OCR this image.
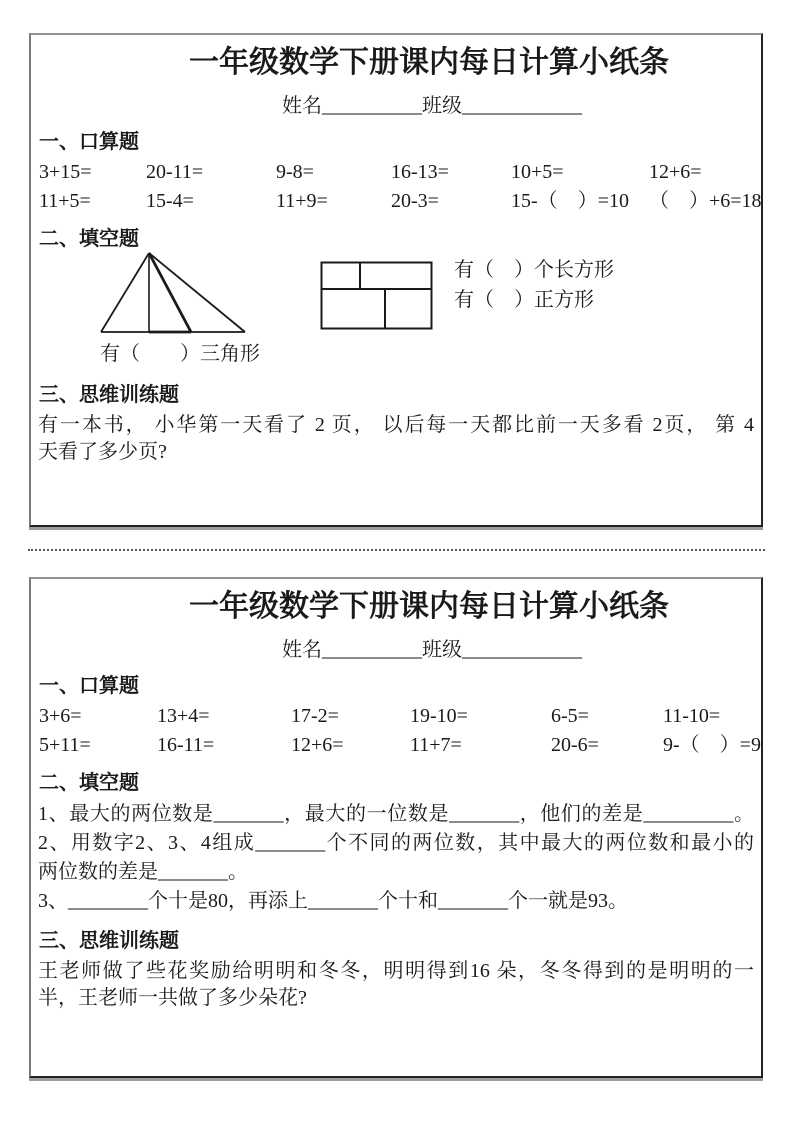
一年级数学下册课内每日计算小纸条
姓名__________班级____________
一、口算题
3+15=	20-11=	9-8=	16-13=	10+5=	12+6=
11+5=	15-4=	11+9=	20-3=	15-（　）=10	（　）+6=18
二、填空题
有（　　）三角形
有（　）个长方形
有（　）正方形
三、思维训练题
有一本书， 小华第一天看了 2 页， 以后每一天都比前一天多看 2页， 第 4
天看了多少页?
一年级数学下册课内每日计算小纸条
姓名__________班级____________
一、口算题
3+6=	13+4=	17-2=	19-10=	6-5=	11-10=
5+11=	16-11=	12+6=	11+7=	20-6=	9-（　）=9
二、填空题
1、最大的两位数是_______，最大的一位数是_______，他们的差是_________。
2、用数字2、3、4组成_______个不同的两位数，其中最大的两位数和最小的
两位数的差是_______。
3、________个十是80，再添上_______个十和_______个一就是93。
三、思维训练题
王老师做了些花奖励给明明和冬冬，明明得到16 朵，冬冬得到的是明明的一
半，王老师一共做了多少朵花?
